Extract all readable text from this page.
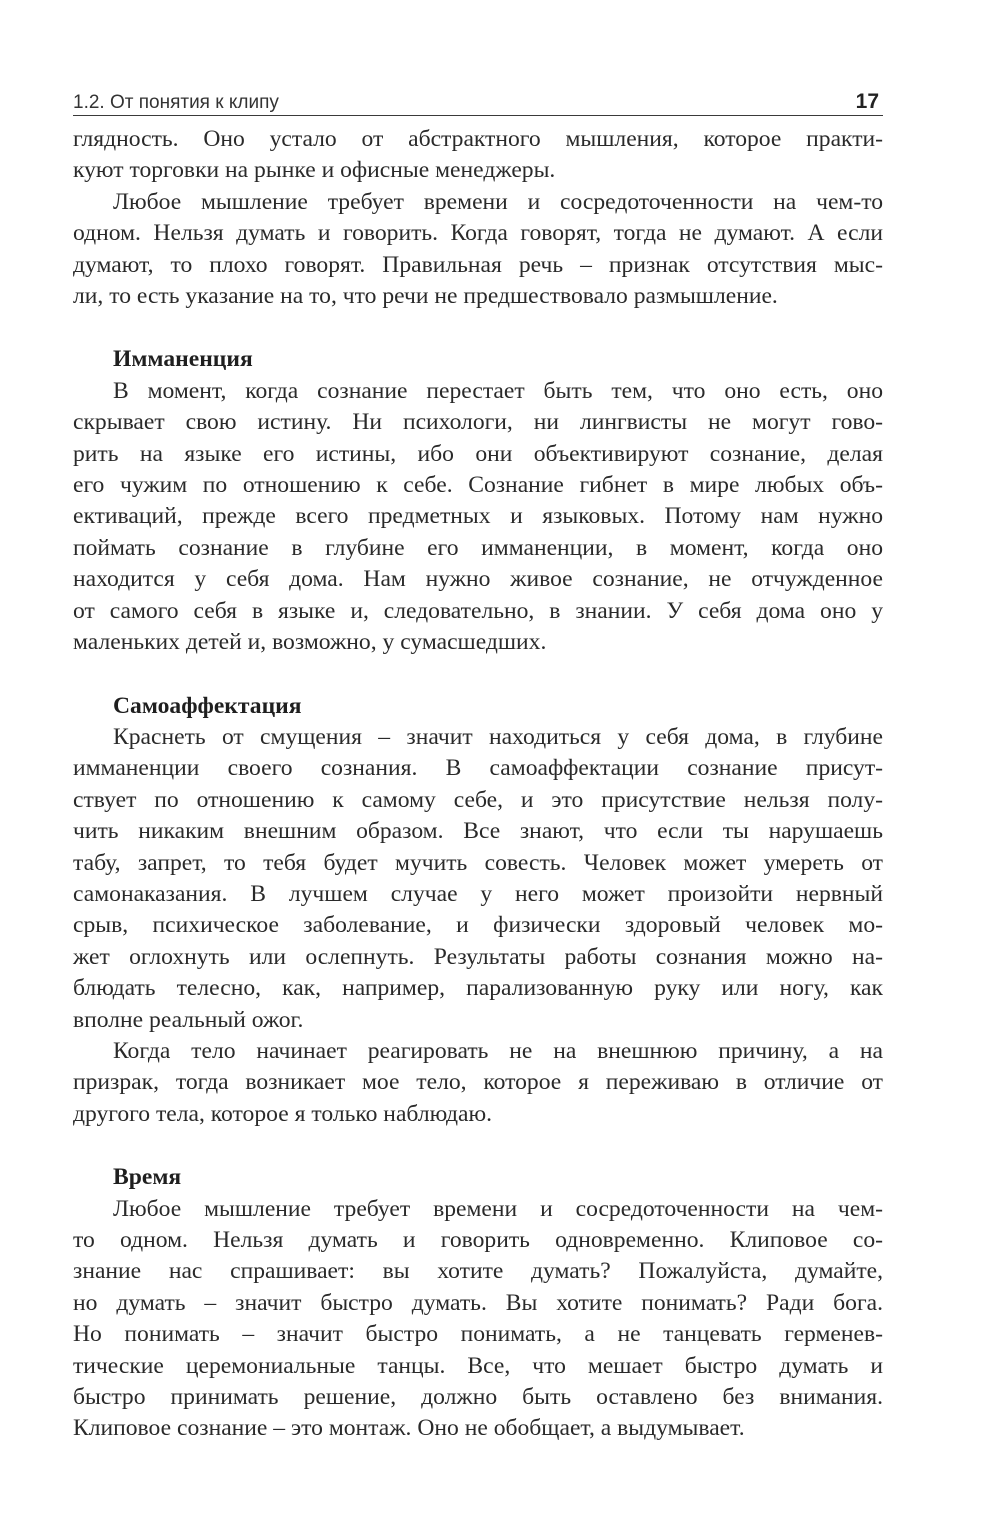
1.2. От понятия к клипу	17
глядность. Оно устало от абстрактного мышления, которое практи-
куют торговки на рынке и офисные менеджеры.
Любое мышление требует времени и сосредоточенности на чем-то
одном. Нельзя думать и говорить. Когда говорят, тогда не думают. А если
думают, то плохо говорят. Правильная речь – признак отсутствия мыс-
ли, то есть указание на то, что речи не предшествовало размышление.
Имманенция
В момент, когда сознание перестает быть тем, что оно есть, оно
скрывает свою истину. Ни психологи, ни лингвисты не могут гово-
рить на языке его истины, ибо они объективируют сознание, делая
его чужим по отношению к себе. Сознание гибнет в мире любых объ-
ективаций, прежде всего предметных и языковых. Потому нам нужно
поймать сознание в глубине его имманенции, в момент, когда оно
находится у себя дома. Нам нужно живое сознание, не отчужденное
от самого себя в языке и, следовательно, в знании. У себя дома оно у
маленьких детей и, возможно, у сумасшедших.
Самоаффектация
Краснеть от смущения – значит находиться у себя дома, в глубине
имманенции своего сознания. В самоаффектации сознание присут-
ствует по отношению к самому себе, и это присутствие нельзя полу-
чить никаким внешним образом. Все знают, что если ты нарушаешь
табу, запрет, то тебя будет мучить совесть. Человек может умереть от
самонаказания. В лучшем случае у него может произойти нервный
срыв, психическое заболевание, и физически здоровый человек мо-
жет оглохнуть или ослепнуть. Результаты работы сознания можно на-
блюдать телесно, как, например, парализованную руку или ногу, как
вполне реальный ожог.
Когда тело начинает реагировать не на внешнюю причину, а на
призрак, тогда возникает мое тело, которое я переживаю в отличие от
другого тела, которое я только наблюдаю.
Время
Любое мышление требует времени и сосредоточенности на чем-
то одном. Нельзя думать и говорить одновременно. Клиповое со-
знание нас спрашивает: вы хотите думать? Пожалуйста, думайте,
но думать – значит быстро думать. Вы хотите понимать? Ради бога.
Но понимать – значит быстро понимать, а не танцевать герменев-
тические церемониальные танцы. Все, что мешает быстро думать и
быстро принимать решение, должно быть оставлено без внимания.
Клиповое сознание – это монтаж. Оно не обобщает, а выдумывает.
